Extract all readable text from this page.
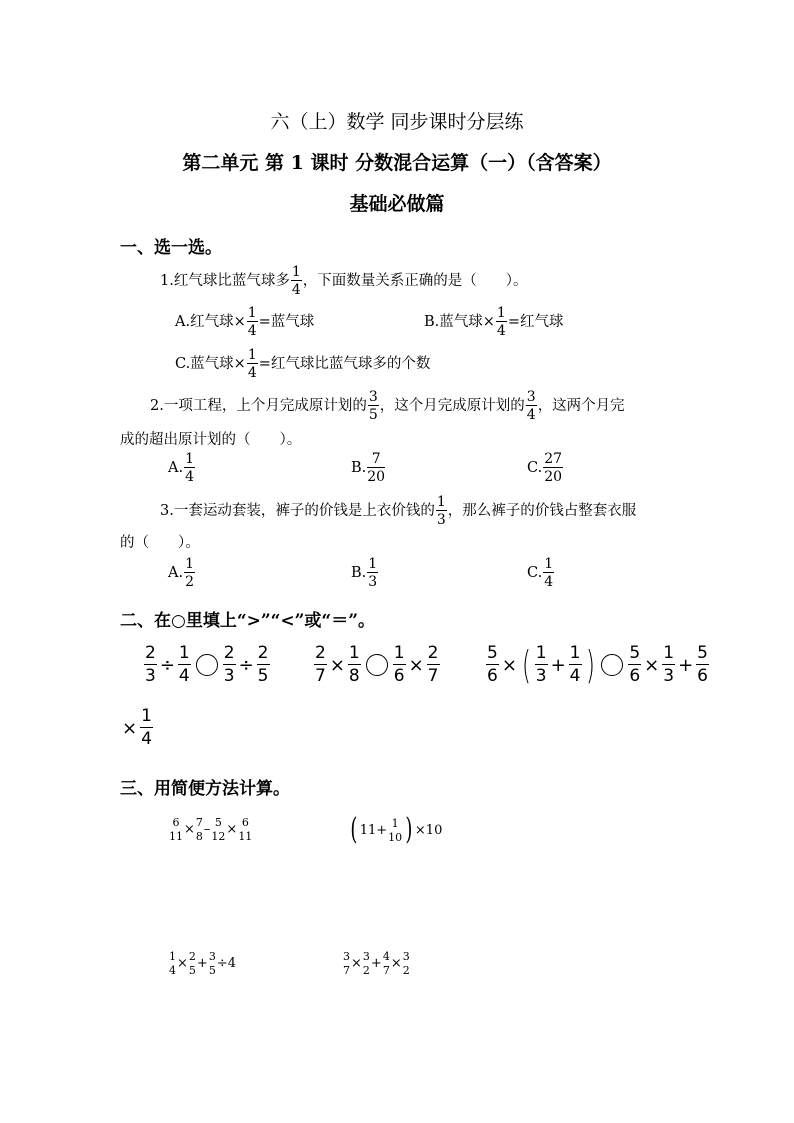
六（上）数学 同步课时分层练
第二单元 第 1 课时 分数混合运算（一）（含答案）
基础必做篇
一、选一选。
1.红气球比蓝气球多
1
4
，下面数量关系正确的是（　　）。
A.红气球× $\frac{1}{4}$ =蓝气球	B.蓝气球× $\frac{1}{4}$ =红气球
C.蓝气球× $\frac{1}{4}$ =红气球比蓝气球多的个数
2.一项工程，上个月完成原计划的
3
5
，这个月完成原计划的
3
4
，这两个月完
成的超出原计划的（　　）。
A.
1
4
B.
7
20
C.
27
20
3.一套运动套装，裤子的价钱是上衣价钱的
1
3
，那么裤子的价钱占整套衣服
的（　　）。
A.
1
2
B.
1
3
C.
1
4
二、在○里填上“>”“<”或“＝”。
$\frac{2}{3} \div \frac{1}{4} \frac{2}{3} \div \frac{2}{5}$	$\frac{2}{7} \times \frac{1}{8} \frac{1}{6} \times \frac{2}{7}$	$\frac{5}{6}$ × ( 1
3
+ $\frac{1}{4}$ ) $\frac{5}{6} \times \frac{1}{3} + \frac{5}{6}$
× $\frac{1}{4}$
三、用简便方法计算。
6
11 × 7
8 – 5
12 × 6
11	( 11 + 1
10 ) × 10
1
4 × 2
5 + 3
5 ÷ 4	3
7 × 3
2 + 4
7 × 3
2
